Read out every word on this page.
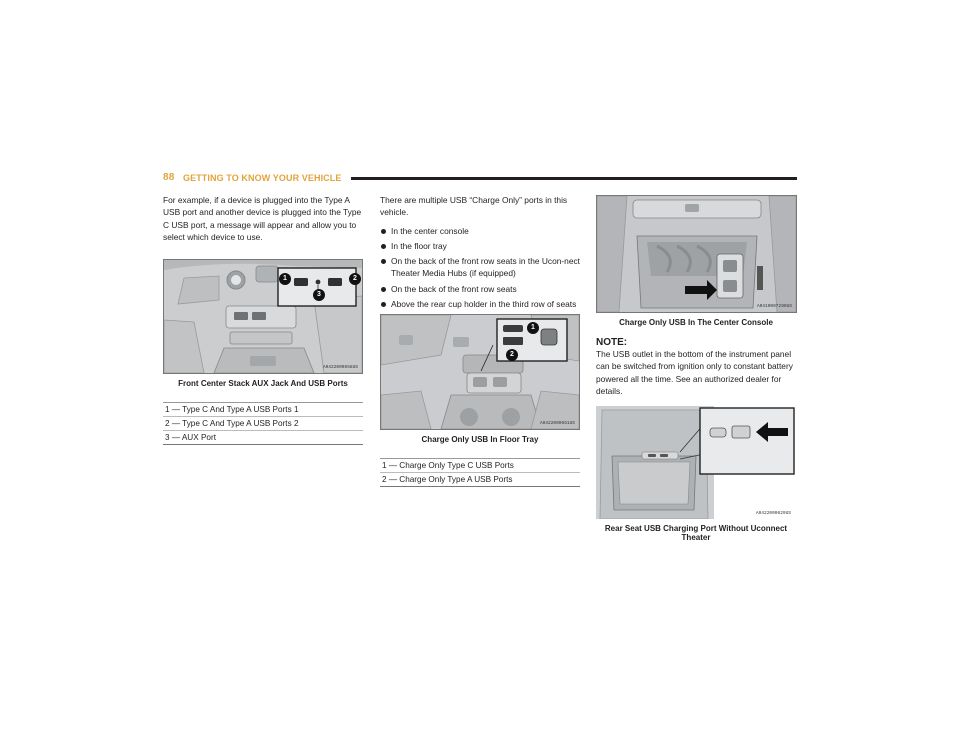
88 GETTING TO KNOW YOUR VEHICLE

For example, if a device is plugged into the Type A USB port and another device is plugged into the Type C USB port, a message will appear and allow you to select which device to use.

1	2
3
A0422000658US
Front Center Stack AUX Jack And USB Ports
1 — Type C And Type A USB Ports 1
2 — Type C And Type A USB Ports 2
3 — AUX Port

There are multiple USB “Charge Only” ports in this vehicle.

In the center console
In the floor tray
On the back of the front row seats in the Ucon-nect Theater Media Hubs (if equipped)
On the back of the front row seats
Above the rear cup holder in the third row of seats
1
2
A0422000661US
Charge Only USB In Floor Tray
1 — Charge Only Type C USB Ports
2 — Charge Only Type A USB Ports
A0410007290US
Charge Only USB In The Center Console
NOTE:

The USB outlet in the bottom of the instrument panel can be switched from ignition only to constant battery powered all the time. See an authorized dealer for details.

A0422000629US
Rear Seat USB Charging Port Without Uconnect Theater
